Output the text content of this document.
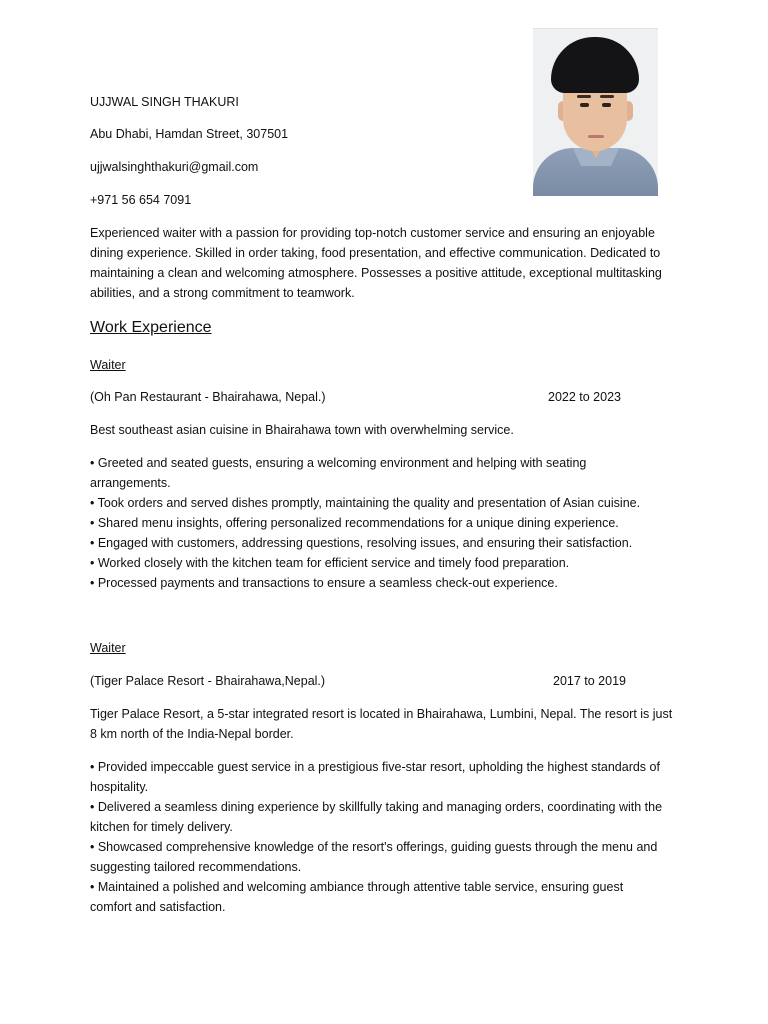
UJJWAL SINGH THAKURI
Abu Dhabi, Hamdan Street, 307501
ujjwalsinghthakuri@gmail.com
+971 56 654 7091
Experienced waiter with a passion for providing top-notch customer service and ensuring an enjoyable
dining experience. Skilled in order taking, food presentation, and effective communication. Dedicated to
maintaining a clean and welcoming atmosphere. Possesses a positive attitude, exceptional multitasking
abilities, and a strong commitment to teamwork.
Work Experience
Waiter
(Oh Pan Restaurant - Bhairahawa, Nepal.)	2022 to 2023
Best southeast asian cuisine in Bhairahawa town with overwhelming service.
• Greeted and seated guests, ensuring a welcoming environment and helping with seating
arrangements.
• Took orders and served dishes promptly, maintaining the quality and presentation of Asian cuisine.
• Shared menu insights, offering personalized recommendations for a unique dining experience.
• Engaged with customers, addressing questions, resolving issues, and ensuring their satisfaction.
• Worked closely with the kitchen team for efficient service and timely food preparation.
• Processed payments and transactions to ensure a seamless check-out experience.
Waiter
(Tiger Palace Resort - Bhairahawa,Nepal.)	2017 to 2019
Tiger Palace Resort, a 5-star integrated resort is located in Bhairahawa, Lumbini, Nepal. The resort is just
8 km north of the India-Nepal border.
• Provided impeccable guest service in a prestigious five-star resort, upholding the highest standards of
hospitality.
• Delivered a seamless dining experience by skillfully taking and managing orders, coordinating with the
kitchen for timely delivery.
• Showcased comprehensive knowledge of the resort's offerings, guiding guests through the menu and
suggesting tailored recommendations.
• Maintained a polished and welcoming ambiance through attentive table service, ensuring guest
comfort and satisfaction.
